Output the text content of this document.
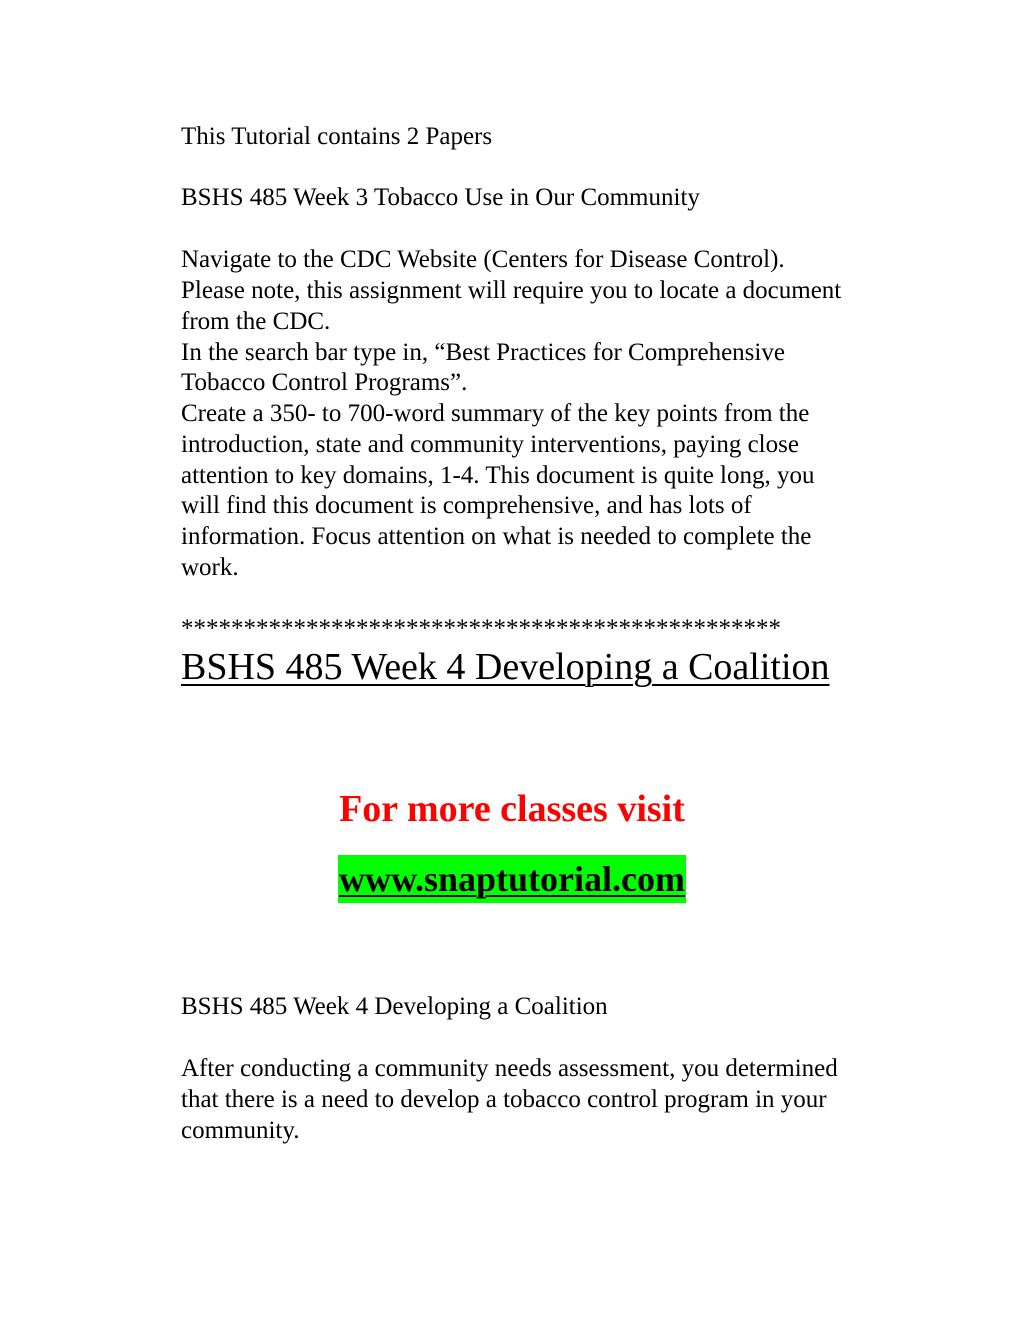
This Tutorial contains 2 Papers
BSHS 485 Week 3 Tobacco Use in Our Community
Navigate to the CDC Website (Centers for Disease Control).
Please note, this assignment will require you to locate a document
from the CDC.
In the search bar type in, “Best Practices for Comprehensive
Tobacco Control Programs”.
Create a 350- to 700-word summary of the key points from the
introduction, state and community interventions, paying close
attention to key domains, 1-4. This document is quite long, you
will find this document is comprehensive, and has lots of
information. Focus attention on what is needed to complete the
work.
************************************************
BSHS 485 Week 4 Developing a Coalition
For more classes visit
www.snaptutorial.com
BSHS 485 Week 4 Developing a Coalition
After conducting a community needs assessment, you determined
that there is a need to develop a tobacco control program in your
community.
